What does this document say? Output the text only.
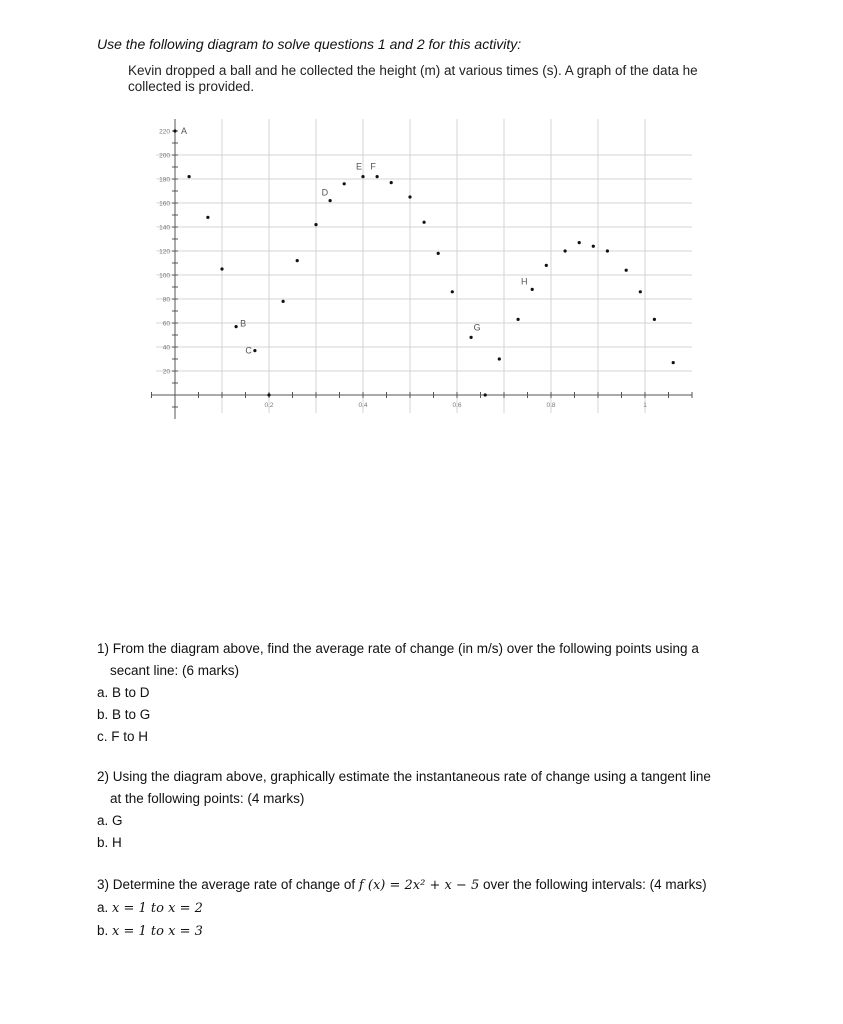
Use the following diagram to solve questions 1 and 2 for this activity:
Kevin dropped a ball and he collected the height (m) at various times (s). A graph of the data he collected is provided.
220
200
180
160
140
120
100
80
60
40
20
0.2	0.4	0.6	0.8	1
A
B
C
D
E F
G
H
1) From the diagram above, find the average rate of change (in m/s) over the following points using a
secant line: (6 marks)
a. B to D
b. B to G
c. F to H
2) Using the diagram above, graphically estimate the instantaneous rate of change using a tangent line
at the following points: (4 marks)
a. G
b. H
3) Determine the average rate of change of f (x) = 2x² + x − 5 over the following intervals: (4 marks)
a. x = 1 to x = 2
b. x = 1 to x = 3
